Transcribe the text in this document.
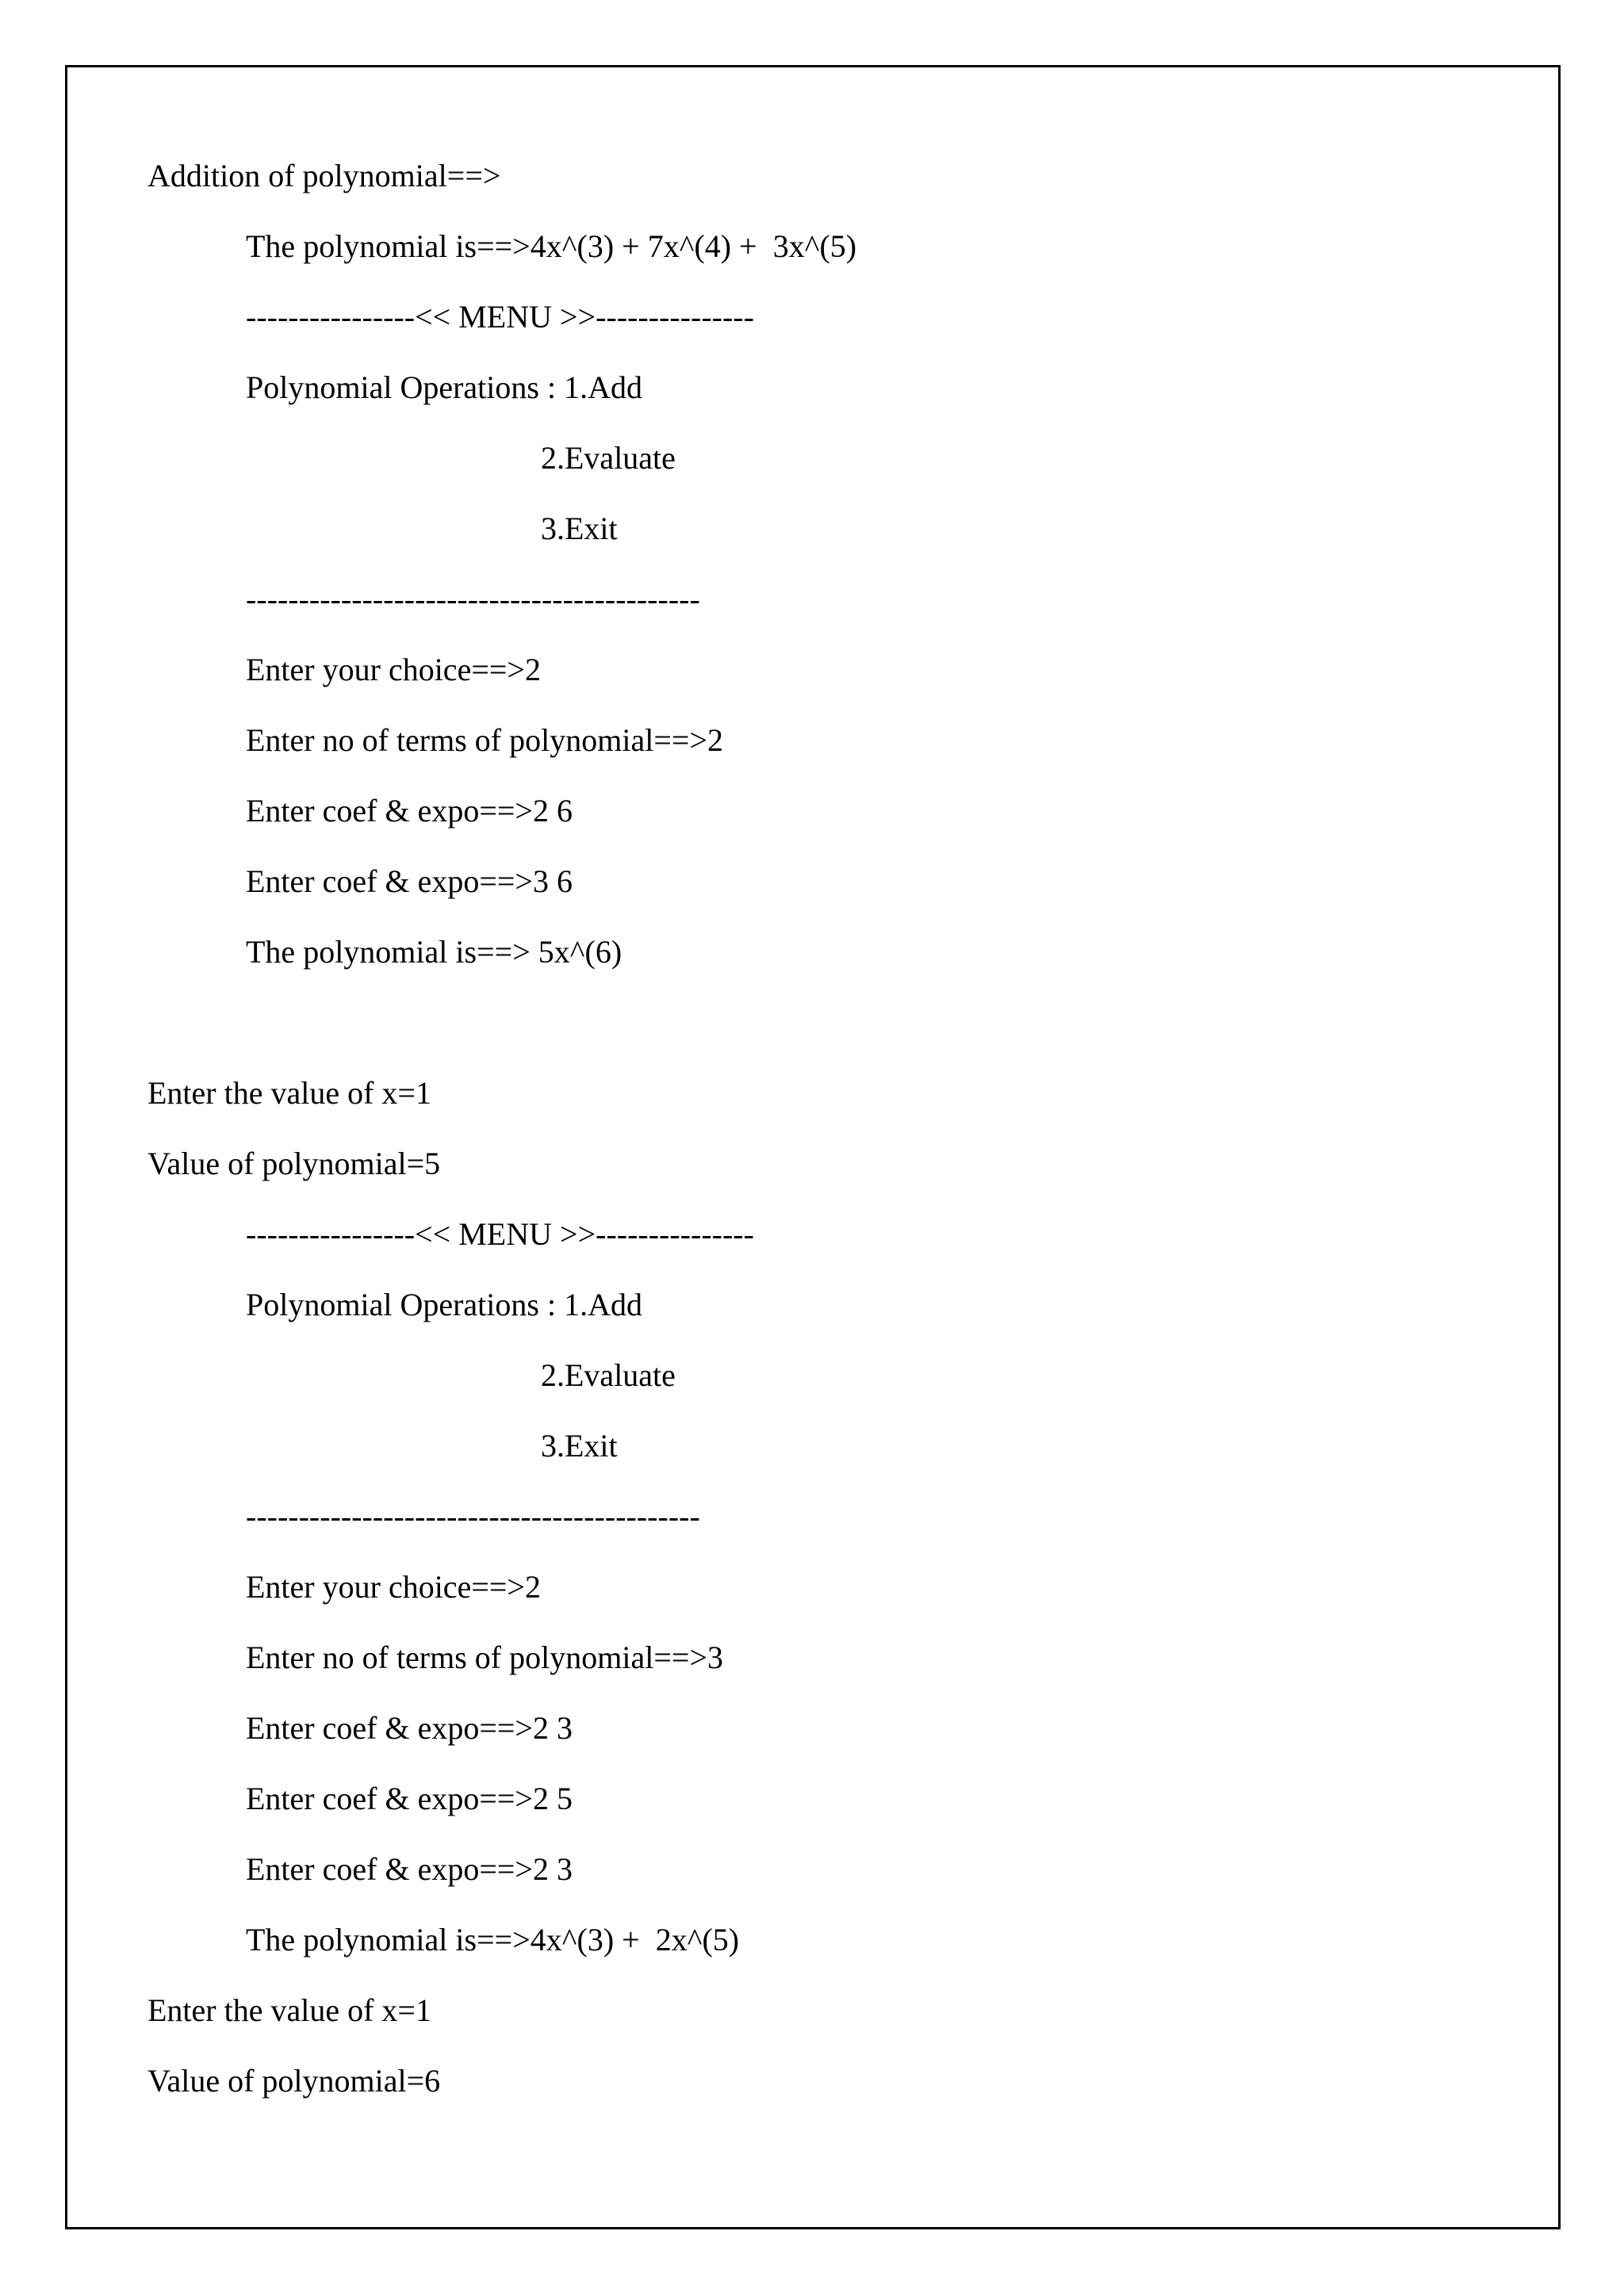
Addition of polynomial==>
The polynomial is==>4x^(3) + 7x^(4) +  3x^(5)
----------------<< MENU >>---------------
Polynomial Operations : 1.Add
2.Evaluate
3.Exit
-------------------------------------------
Enter your choice==>2
Enter no of terms of polynomial==>2
Enter coef & expo==>2 6
Enter coef & expo==>3 6
The polynomial is==> 5x^(6)
Enter the value of x=1
Value of polynomial=5
----------------<< MENU >>---------------
Polynomial Operations : 1.Add
2.Evaluate
3.Exit
-------------------------------------------
Enter your choice==>2
Enter no of terms of polynomial==>3
Enter coef & expo==>2 3
Enter coef & expo==>2 5
Enter coef & expo==>2 3
The polynomial is==>4x^(3) +  2x^(5)
Enter the value of x=1
Value of polynomial=6
